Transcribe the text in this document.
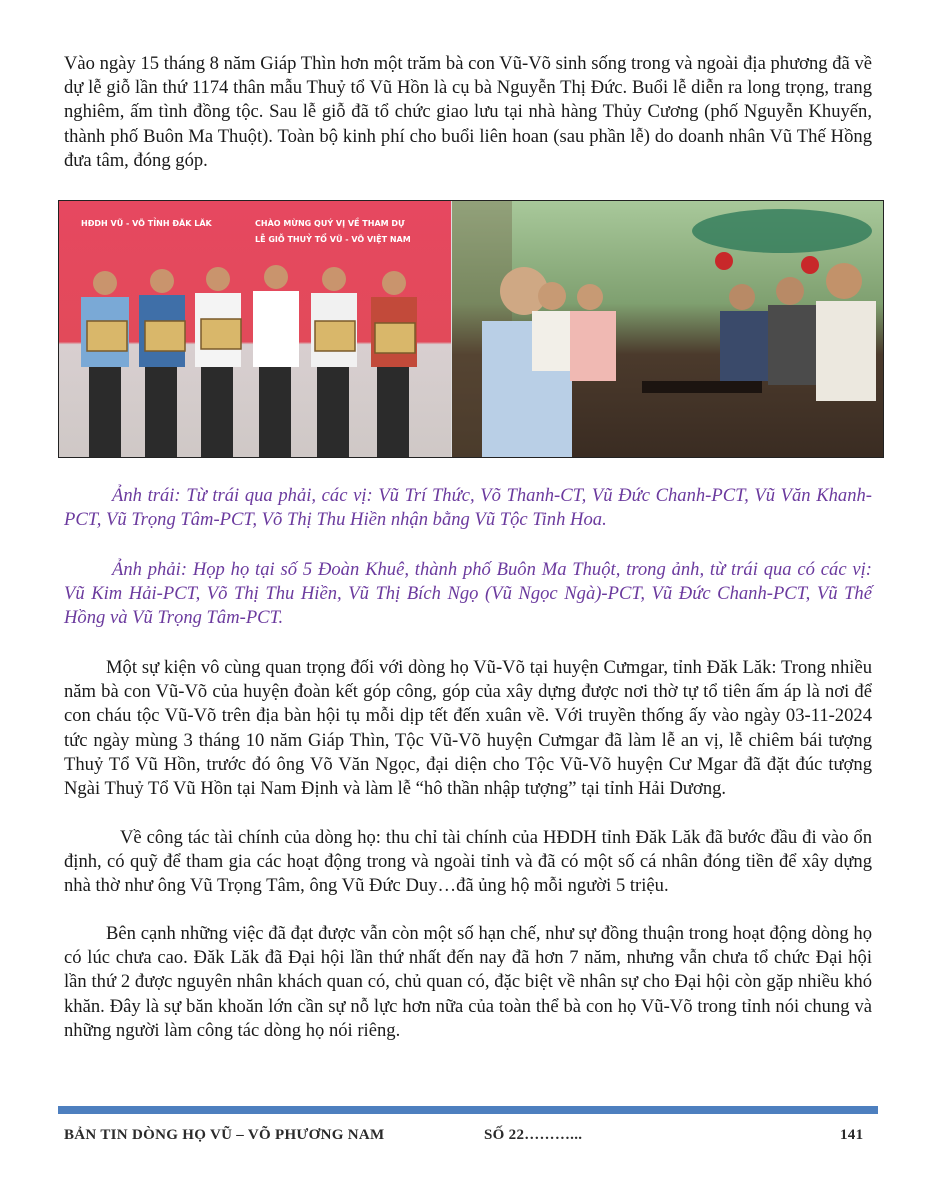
Vào ngày 15 tháng 8 năm Giáp Thìn hơn một trăm bà con Vũ-Võ sinh sống trong và ngoài địa phương đã về dự lễ giỗ lần thứ 1174 thân mẫu Thuỷ tổ Vũ Hồn là cụ bà Nguyễn Thị Đức. Buổi lễ diễn ra long trọng, trang nghiêm, ấm tình đồng tộc. Sau lễ giỗ đã tổ chức giao lưu tại nhà hàng Thủy Cương (phố Nguyễn Khuyến, thành phố Buôn Ma Thuột). Toàn bộ kinh phí cho buổi liên hoan (sau phần lễ) do doanh nhân Vũ Thế Hồng đưa tâm, đóng góp.

HĐDH VŨ - VÕ TỈNH ĐĂK LĂK	CHÀO MỪNG QUÝ VỊ VỀ THAM DỰ
LỄ GIỖ THUỶ TỔ VŨ - VÕ VIỆT NAM

Ảnh trái: Từ trái qua phải, các vị: Vũ Trí Thức, Võ Thanh-CT, Vũ Đức Chanh-PCT, Vũ Văn Khanh-PCT, Vũ Trọng Tâm-PCT, Võ Thị Thu Hiền nhận bằng Vũ Tộc Tinh Hoa.

Ảnh phải: Họp họ tại số 5 Đoàn Khuê, thành phố Buôn Ma Thuột, trong ảnh, từ trái qua có các vị: Vũ Kim Hải-PCT, Võ Thị Thu Hiền, Vũ Thị Bích Ngọ (Vũ Ngọc Ngà)-PCT, Vũ Đức Chanh-PCT, Vũ Thế Hồng và Vũ Trọng Tâm-PCT.

Một sự kiện vô cùng quan trọng đối với dòng họ Vũ-Võ tại huyện Cưmgar, tỉnh Đăk Lăk: Trong nhiều năm bà con Vũ-Võ của huyện đoàn kết góp công, góp của xây dựng được nơi thờ tự tổ tiên ấm áp là nơi để con cháu tộc Vũ-Võ trên địa bàn hội tụ mỗi dịp tết đến xuân về. Với truyền thống ấy vào ngày 03-11-2024 tức ngày mùng 3 tháng 10 năm Giáp Thìn, Tộc Vũ-Võ huyện Cưmgar đã làm lễ an vị, lễ chiêm bái tượng Thuỷ Tổ Vũ Hồn, trước đó ông Võ Văn Ngọc, đại diện cho Tộc Vũ-Võ huyện Cư Mgar đã đặt đúc tượng Ngài Thuỷ Tổ Vũ Hồn tại Nam Định và làm lễ “hô thần nhập tượng” tại tỉnh Hải Dương.

Về công tác tài chính của dòng họ: thu chỉ tài chính của HĐDH tỉnh Đăk Lăk đã bước đầu đi vào ổn định, có quỹ để tham gia các hoạt động trong và ngoài tỉnh và đã có một số cá nhân đóng tiền để xây dựng nhà thờ như ông Vũ Trọng Tâm, ông Vũ Đức Duy…đã ủng hộ mỗi người 5 triệu.

Bên cạnh những việc đã đạt được vẫn còn một số hạn chế, như sự đồng thuận trong hoạt động dòng họ có lúc chưa cao. Đăk Lăk đã Đại hội lần thứ nhất đến nay đã hơn 7 năm, nhưng vẫn chưa tổ chức Đại hội lần thứ 2 được nguyên nhân khách quan có, chủ quan có, đặc biệt về nhân sự cho Đại hội còn gặp nhiều khó khăn. Đây là sự băn khoăn lớn cần sự nỗ lực hơn nữa của toàn thể bà con họ Vũ-Võ trong tỉnh nói chung và những người làm công tác dòng họ nói riêng.

BẢN TIN DÒNG HỌ VŨ – VÕ PHƯƠNG NAM	SỐ 22………...	141
